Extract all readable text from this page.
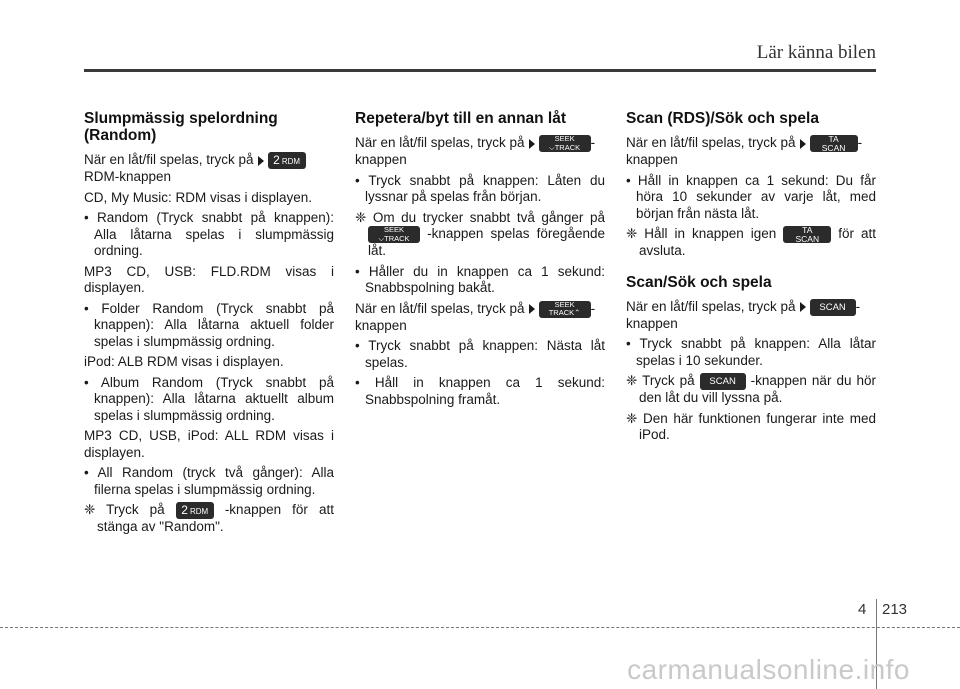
Lär känna bilen
Slumpmässig spelordning (Random)
När en låt/fil spelas, tryck på 2 RDM
RDM-knappen
CD, My Music: RDM visas i displayen.
• Random (Tryck snabbt på knappen): Alla låtarna spelas i slumpmässig ordning.
MP3 CD, USB: FLD.RDM visas i displayen.
• Folder Random (Tryck snabbt på knappen): Alla låtarna aktuell folder spelas i slumpmässig ordning.
iPod: ALB RDM visas i displayen.
• Album Random (Tryck snabbt på knappen): Alla låtarna aktuellt album spelas i slumpmässig ordning.
MP3 CD, USB, iPod: ALL RDM visas i displayen.
• All Random (tryck två gånger): Alla filerna spelas i slumpmässig ordning.
❈ Tryck på 2 RDM -knappen för att stänga av "Random".
Repetera/byt till en annan låt
När en låt/fil spelas, tryck på	SEEK
⌵TRACK -
knappen
• Tryck snabbt på knappen: Låten du lyssnar på spelas från början.
❈ Om du trycker snabbt två gånger på SEEK
⌵TRACK -knappen spelas föregående låt.
• Håller du in knappen ca 1 sekund: Snabbspolning bakåt.
När en låt/fil spelas, tryck på	SEEK
TRACK⌃ -
knappen
• Tryck snabbt på knappen: Nästa låt spelas.
• Håll in knappen ca 1 sekund: Snabbspolning framåt.
Scan (RDS)/Sök och spela
När en låt/fil spelas, tryck på	TA
SCAN -
knappen
• Håll in knappen ca 1 sekund: Du får höra 10 sekunder av varje låt, med början från nästa låt.
❈ Håll in knappen igen	TA
SCAN för att avsluta.
Scan/Sök och spela
När en låt/fil spelas, tryck på	SCAN -
knappen
• Tryck snabbt på knappen: Alla låtar spelas i 10 sekunder.
❈ Tryck på SCAN -knappen när du hör den låt du vill lyssna på.
❈ Den här funktionen fungerar inte med iPod.
4 213
carmanualsonline.info
